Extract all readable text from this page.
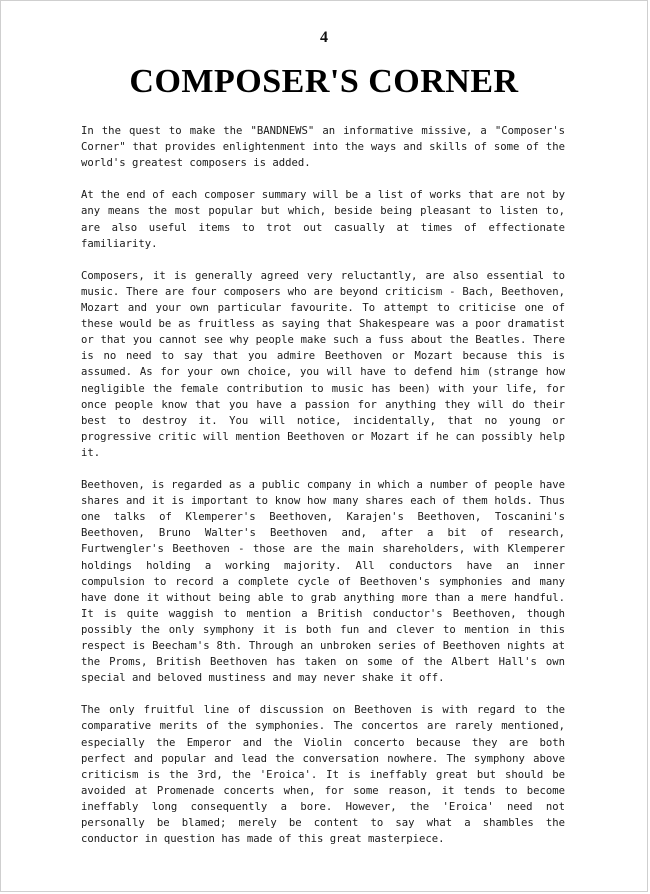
4
COMPOSER'S CORNER

In the quest to make the "BANDNEWS" an informative missive, a "Composer's Corner" that provides enlightenment into the ways and skills of some of the world's greatest composers is added.

At the end of each composer summary will be a list of works that are not by any means the most popular but which, beside being pleasant to listen to, are also useful items to trot out casually at times of effectionate familiarity.

Composers, it is generally agreed very reluctantly, are also essential to music. There are four composers who are beyond criticism - Bach, Beethoven, Mozart and your own particular favourite. To attempt to criticise one of these would be as fruitless as saying that Shakespeare was a poor dramatist or that you cannot see why people make such a fuss about the Beatles. There is no need to say that you admire Beethoven or Mozart because this is assumed. As for your own choice, you will have to defend him (strange how negligible the female contribution to music has been) with your life, for once people know that you have a passion for anything they will do their best to destroy it. You will notice, incidentally, that no young or progressive critic will mention Beethoven or Mozart if he can possibly help it.

Beethoven, is regarded as a public company in which a number of people have shares and it is important to know how many shares each of them holds. Thus one talks of Klemperer's Beethoven, Karajen's Beethoven, Toscanini's Beethoven, Bruno Walter's Beethoven and, after a bit of research, Furtwengler's Beethoven - those are the main shareholders, with Klemperer holdings holding a working majority. All conductors have an inner compulsion to record a complete cycle of Beethoven's symphonies and many have done it without being able to grab anything more than a mere handful. It is quite waggish to mention a British conductor's Beethoven, though possibly the only symphony it is both fun and clever to mention in this respect is Beecham's 8th. Through an unbroken series of Beethoven nights at the Proms, British Beethoven has taken on some of the Albert Hall's own special and beloved mustiness and may never shake it off.

The only fruitful line of discussion on Beethoven is with regard to the comparative merits of the symphonies. The concertos are rarely mentioned, especially the Emperor and the Violin concerto because they are both perfect and popular and lead the conversation nowhere. The symphony above criticism is the 3rd, the 'Eroica'. It is ineffably great but should be avoided at Promenade concerts when, for some reason, it tends to become ineffably long consequently a bore. However, the 'Eroica' need not personally be blamed; merely be content to say what a shambles the conductor in question has made of this great masterpiece.
